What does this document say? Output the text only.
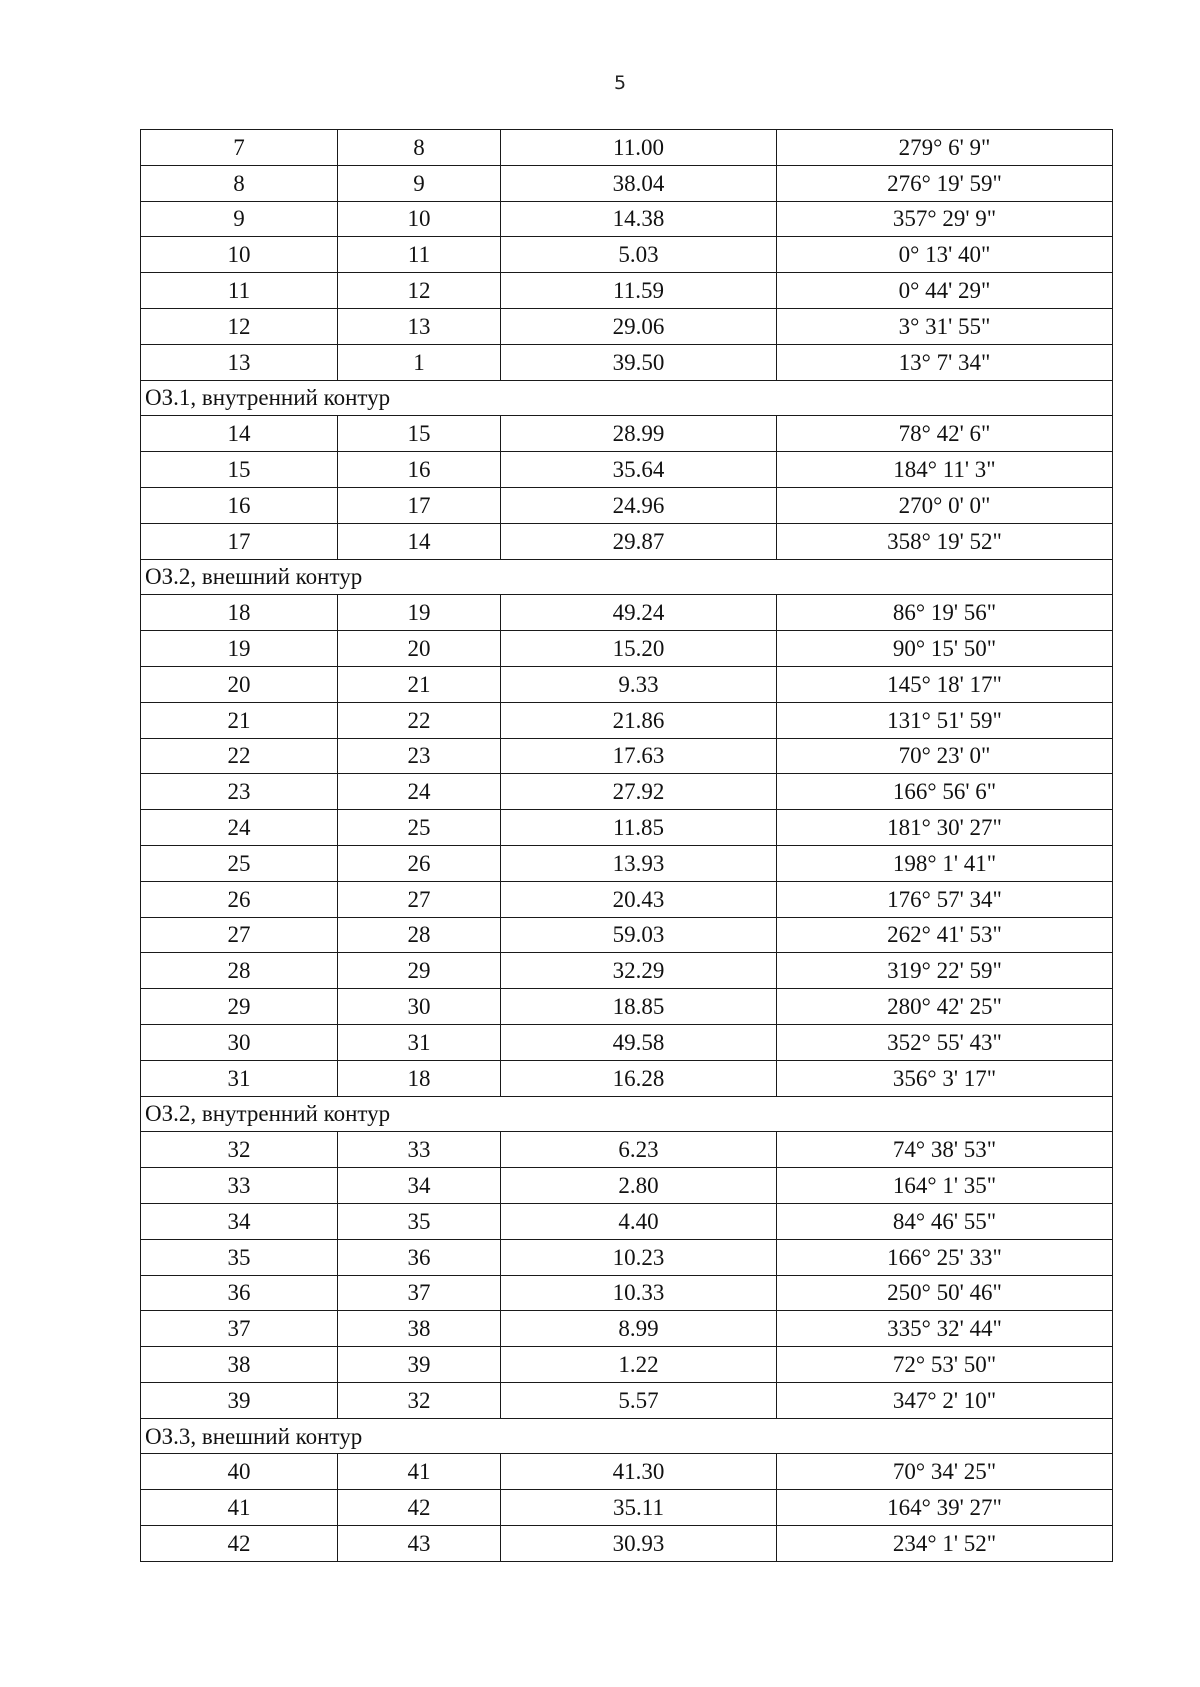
5
7	8	11.00	279° 6' 9"
8	9	38.04	276° 19' 59"
9	10	14.38	357° 29' 9"
10	11	5.03	0° 13' 40"
11	12	11.59	0° 44' 29"
12	13	29.06	3° 31' 55"
13	1	39.50	13° 7' 34"
ОЗ.1, внутренний контур			
14	15	28.99	78° 42' 6"
15	16	35.64	184° 11' 3"
16	17	24.96	270° 0' 0"
17	14	29.87	358° 19' 52"
ОЗ.2, внешний контур			
18	19	49.24	86° 19' 56"
19	20	15.20	90° 15' 50"
20	21	9.33	145° 18' 17"
21	22	21.86	131° 51' 59"
22	23	17.63	70° 23' 0"
23	24	27.92	166° 56' 6"
24	25	11.85	181° 30' 27"
25	26	13.93	198° 1' 41"
26	27	20.43	176° 57' 34"
27	28	59.03	262° 41' 53"
28	29	32.29	319° 22' 59"
29	30	18.85	280° 42' 25"
30	31	49.58	352° 55' 43"
31	18	16.28	356° 3' 17"
ОЗ.2, внутренний контур			
32	33	6.23	74° 38' 53"
33	34	2.80	164° 1' 35"
34	35	4.40	84° 46' 55"
35	36	10.23	166° 25' 33"
36	37	10.33	250° 50' 46"
37	38	8.99	335° 32' 44"
38	39	1.22	72° 53' 50"
39	32	5.57	347° 2' 10"
ОЗ.3, внешний контур			
40	41	41.30	70° 34' 25"
41	42	35.11	164° 39' 27"
42	43	30.93	234° 1' 52"
